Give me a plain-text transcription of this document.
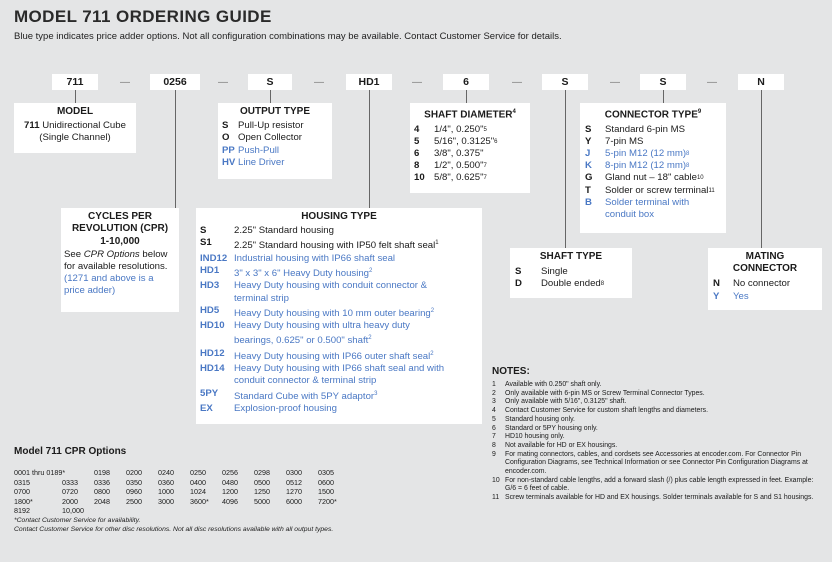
MODEL 711 ORDERING GUIDE
Blue type indicates price adder options. Not all configuration combinations may be available. Contact Customer Service for details.
711	—	0256	—	S	—	HD1	—	6	—	S	—	S	—	N
MODEL
711 Unidirectional Cube
(Single Channel)
OUTPUT TYPE
S Pull-Up resistor
O Open Collector
PP Push-Pull
HV Line Driver
SHAFT DIAMETER$^4$
4	1/4", 0.250" 5
5	5/16", 0.3125" 6
6	3/8", 0.375"
8	1/2", 0.500" 7
10 5/8", 0.625" 7
CONNECTOR TYPE$^9$
S	Standard 6-pin MS
Y	7-pin MS
J	5-pin M12 (12 mm) 8
K	8-pin M12 (12 mm) 8
G	Gland nut – 18" cable 10
T	Solder or screw terminal 11
B	Solder terminal with
conduit box
CYCLES PER
REVOLUTION (CPR)
1-10,000
See CPR Options below
for available resolutions.
(1271 and above is a
price adder)
HOUSING TYPE
S	2.25" Standard housing
S1	2.25" Standard housing with IP50 felt shaft seal$^1$
IND12 Industrial housing with IP66 shaft seal
HD1	3" x 3" x 6" Heavy Duty housing$^2$
HD3	Heavy Duty housing with conduit connector &
terminal strip
HD5	Heavy Duty housing with 10 mm outer bearing$^2$
HD10 Heavy Duty housing with ultra heavy duty
bearings, 0.625" or 0.500" shaft$^2$
HD12 Heavy Duty housing with IP66 outer shaft seal$^2$
HD14 Heavy Duty housing with IP66 shaft seal and with
conduit connector & terminal strip
5PY	Standard Cube with 5PY adaptor$^3$
EX	Explosion-proof housing
SHAFT TYPE
S	Single
D	Double ended 8
MATING
CONNECTOR
N	No connector
Y	Yes
Model 711 CPR Options
0001 thru 0189*	0198	0200	0240	0250	0256	0298	0300	0305
0315	0333	0336	0350	0360	0400	0480	0500	0512	0600
0700	0720	0800	0960	1000	1024	1200	1250	1270	1500
1800*	2000	2048	2500	3000	3600*	4096	5000	6000	7200*
8192	10,000
*Contact Customer Service for availability.
Contact Customer Service for other disc resolutions. Not all disc resolutions available with all output types.
NOTES:
1	Available with 0.250" shaft only.
2	Only available with 6-pin MS or Screw Terminal Connector Types.
3	Only available with 5/16", 0.3125" shaft.
4	Contact Customer Service for custom shaft lengths and diameters.
5	Standard housing only.
6	Standard or 5PY housing only.
7	HD10 housing only.
8	Not available for HD or EX housings.
9	For mating connectors, cables, and cordsets see Accessories at encoder.com. For Connector Pin Configuration Diagrams, see Technical Information or see Connector Pin Configuration Diagrams at encoder.com.
10 For non-standard cable lengths, add a forward slash (/) plus cable length expressed in feet. Example: G/6 = 6 feet of cable.
11 Screw terminals available for HD and EX housings. Solder terminals available for S and S1 housings.
